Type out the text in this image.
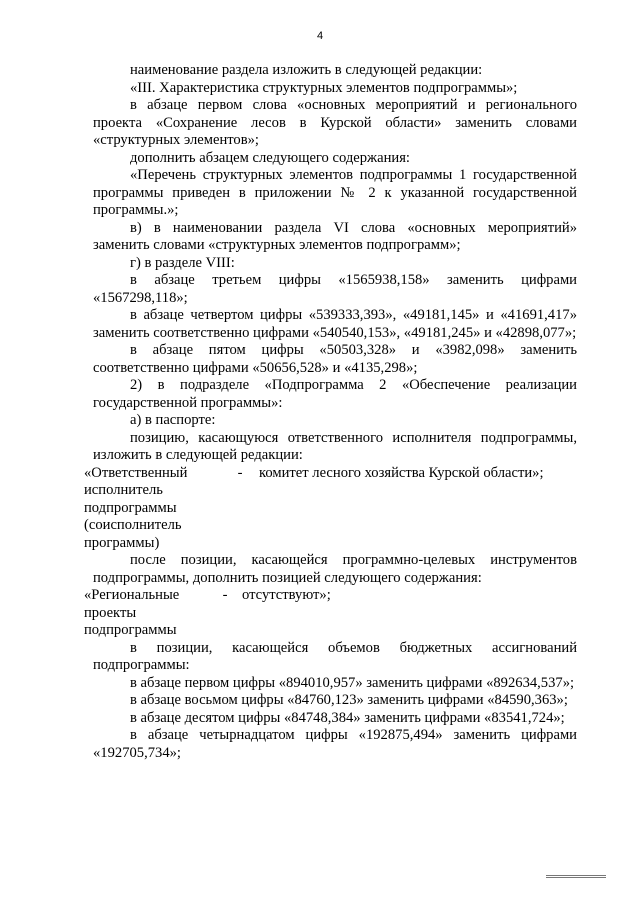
4

наименование раздела изложить в следующей редакции:

«III. Характеристика структурных элементов подпрограммы»;

в абзаце первом слова «основных мероприятий и регионального проекта «Сохранение лесов в Курской области» заменить словами «структурных элементов»;

дополнить абзацем следующего содержания:

«Перечень структурных элементов подпрограммы 1 государственной программы приведен в приложении № 2 к указанной государственной программы.»;

в) в наименовании раздела VI слова «основных мероприятий» заменить словами «структурных элементов подпрограмм»;

г) в разделе VIII:

в абзаце третьем цифры «1565938,158» заменить цифрами «1567298,118»;

в абзаце четвертом цифры «539333,393», «49181,145» и «41691,417» заменить соответственно цифрами «540540,153», «49181,245» и «42898,077»;

в абзаце пятом цифры «50503,328» и «3982,098» заменить соответственно цифрами «50656,528» и «4135,298»;

2) в подразделе «Подпрограмма 2 «Обеспечение реализации государственной программы»:

а) в паспорте:

позицию, касающуюся ответственного исполнителя подпрограммы, изложить в следующей редакции:

«Ответственный	-	комитет лесного хозяйства Курской области»;
исполнитель
подпрограммы
(соисполнитель
программы)

после позиции, касающейся программно-целевых инструментов подпрограммы, дополнить позицией следующего содержания:

«Региональные	- отсутствуют»;
проекты
подпрограммы

в позиции, касающейся объемов бюджетных ассигнований подпрограммы:

в абзаце первом цифры «894010,957» заменить цифрами «892634,537»;

в абзаце восьмом цифры «84760,123» заменить цифрами «84590,363»;

в абзаце десятом цифры «84748,384» заменить цифрами «83541,724»;

в абзаце четырнадцатом цифры «192875,494» заменить цифрами «192705,734»;
